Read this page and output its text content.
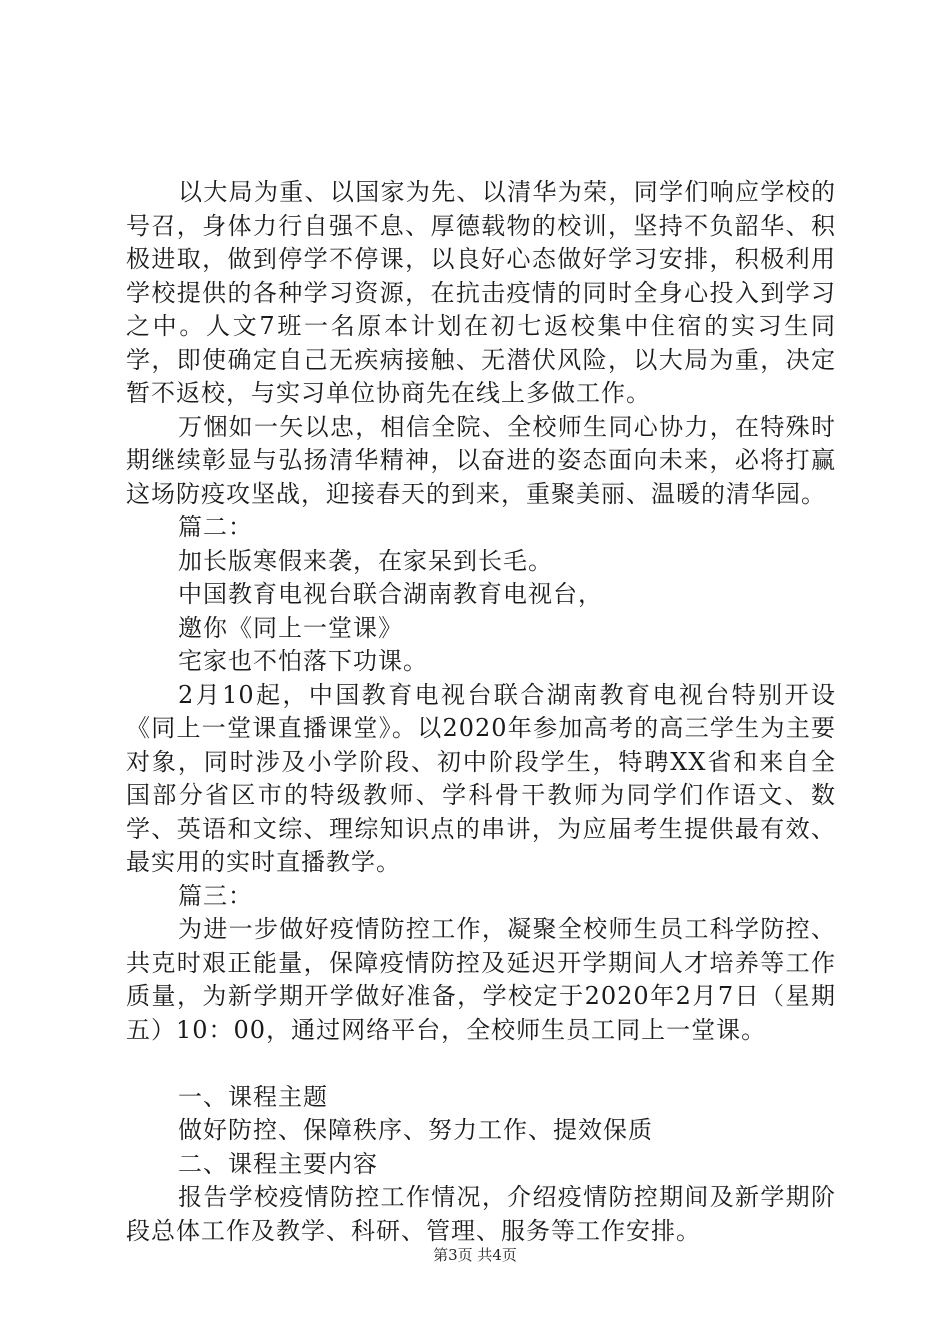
以大局为重、以国家为先、以清华为荣，同学们响应学校的号召，身体力行自强不息、厚德载物的校训，坚持不负韶华、积极进取，做到停学不停课，以良好心态做好学习安排，积极利用学校提供的各种学习资源，在抗击疫情的同时全身心投入到学习之中。人文7班一名原本计划在初七返校集中住宿的实习生同学，即使确定自己无疾病接触、无潜伏风险，以大局为重，决定暂不返校，与实习单位协商先在线上多做工作。

万悃如一矢以忠，相信全院、全校师生同心协力，在特殊时期继续彰显与弘扬清华精神，以奋进的姿态面向未来，必将打赢这场防疫攻坚战，迎接春天的到来，重聚美丽、温暖的清华园。

篇二：

加长版寒假来袭，在家呆到长毛。

中国教育电视台联合湖南教育电视台，

邀你《同上一堂课》

宅家也不怕落下功课。

2月10起，中国教育电视台联合湖南教育电视台特别开设《同上一堂课直播课堂》。以2020年参加高考的高三学生为主要对象，同时涉及小学阶段、初中阶段学生，特聘XX省和来自全国部分省区市的特级教师、学科骨干教师为同学们作语文、数学、英语和文综、理综知识点的串讲，为应届考生提供最有效、最实用的实时直播教学。

篇三：

为进一步做好疫情防控工作，凝聚全校师生员工科学防控、共克时艰正能量，保障疫情防控及延迟开学期间人才培养等工作质量，为新学期开学做好准备，学校定于2020年2月7日（星期五）10：00，通过网络平台，全校师生员工同上一堂课。

一、课程主题

做好防控、保障秩序、努力工作、提效保质

二、课程主要内容

报告学校疫情防控工作情况，介绍疫情防控期间及新学期阶段总体工作及教学、科研、管理、服务等工作安排。

第3页 共4页
